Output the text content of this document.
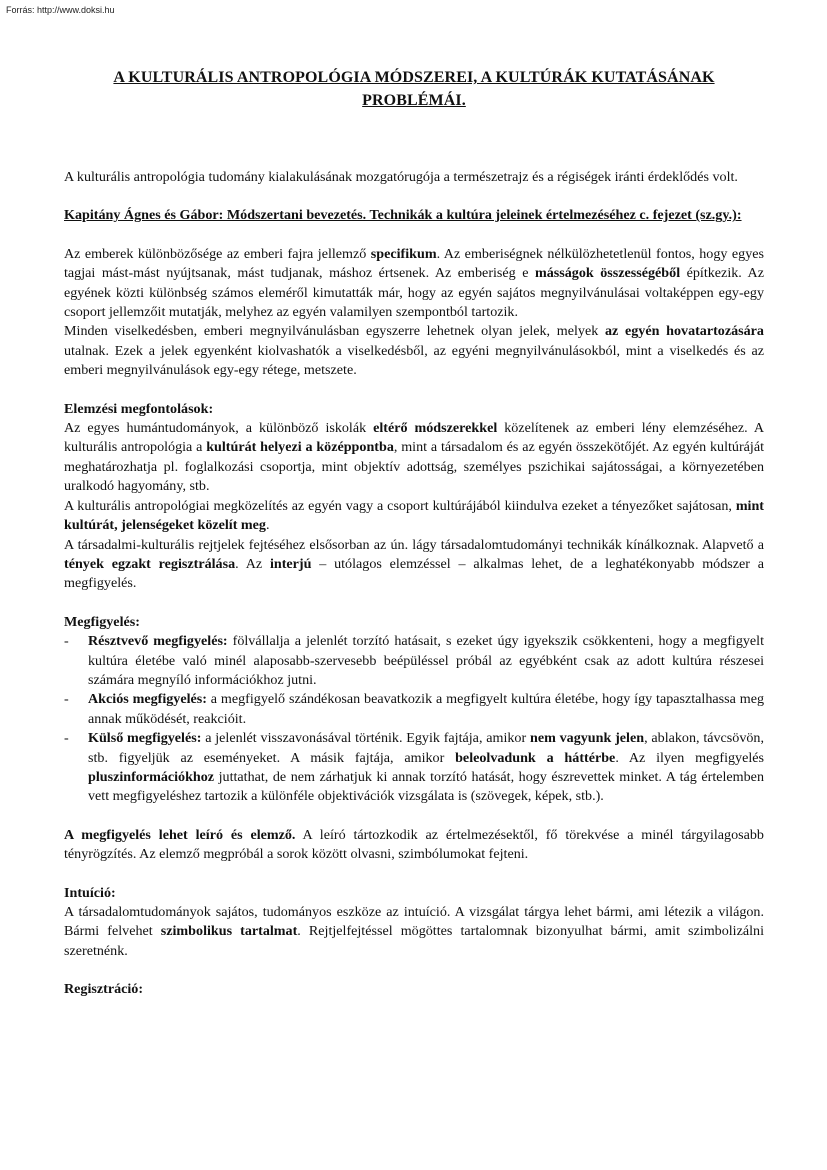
Forrás: http://www.doksi.hu
A KULTURÁLIS ANTROPOLÓGIA MÓDSZEREI, A KULTÚRÁK KUTATÁSÁNAK
PROBLÉMÁI.

A kulturális antropológia tudomány kialakulásának mozgatórugója a természetrajz és a régiségek iránti érdeklődés volt.

Kapitány Ágnes és Gábor: Módszertani bevezetés. Technikák a kultúra jeleinek értelmezéséhez c. fejezet (sz.gy.):

Az emberek különbözősége az emberi fajra jellemző specifikum. Az emberiségnek nélkülözhetetlenül fontos, hogy egyes tagjai mást-mást nyújtsanak, mást tudjanak, máshoz értsenek. Az emberiség e másságok összességéből építkezik. Az egyének közti különbség számos eleméről kimutatták már, hogy az egyén sajátos megnyilvánulásai voltaképpen egy-egy csoport jellemzőit mutatják, melyhez az egyén valamilyen szempontból tartozik.

Minden viselkedésben, emberi megnyilvánulásban egyszerre lehetnek olyan jelek, melyek az egyén hovatartozására utalnak. Ezek a jelek egyenként kiolvashatók a viselkedésből, az egyéni megnyilvánulásokból, mint a viselkedés és az emberi megnyilvánulások egy-egy rétege, metszete.

Elemzési megfontolások:

Az egyes humántudományok, a különböző iskolák eltérő módszerekkel közelítenek az emberi lény elemzéséhez. A kulturális antropológia a kultúrát helyezi a középpontba, mint a társadalom és az egyén összekötőjét. Az egyén kultúráját meghatározhatja pl. foglalkozási csoportja, mint objektív adottság, személyes pszichikai sajátosságai, a környezetében uralkodó hagyomány, stb.

A kulturális antropológiai megközelítés az egyén vagy a csoport kultúrájából kiindulva ezeket a tényezőket sajátosan, mint kultúrát, jelenségeket közelít meg.

A társadalmi-kulturális rejtjelek fejtéséhez elsősorban az ún. lágy társadalomtudományi technikák kínálkoznak. Alapvető a tények egzakt regisztrálása. Az interjú – utólagos elemzéssel – alkalmas lehet, de a leghatékonyabb módszer a megfigyelés.

Megfigyelés:

- Résztvevő megfigyelés: fölvállalja a jelenlét torzító hatásait, s ezeket úgy igyekszik csökkenteni, hogy a megfigyelt kultúra életébe való minél alaposabb-szervesebb beépüléssel próbál az egyébként csak az adott kultúra részesei számára megnyíló információkhoz jutni.
- Akciós megfigyelés: a megfigyelő szándékosan beavatkozik a megfigyelt kultúra életébe, hogy így tapasztalhassa meg annak működését, reakcióit.
- Külső megfigyelés: a jelenlét visszavonásával történik. Egyik fajtája, amikor nem vagyunk jelen, ablakon, távcsövön, stb. figyeljük az eseményeket. A másik fajtája, amikor beleolvadunk a háttérbe. Az ilyen megfigyelés pluszinformációkhoz juttathat, de nem zárhatjuk ki annak torzító hatását, hogy észrevettek minket. A tág értelemben vett megfigyeléshez tartozik a különféle objektivációk vizsgálata is (szövegek, képek, stb.).

A megfigyelés lehet leíró és elemző. A leíró tártozkodik az értelmezésektől, fő törekvése a minél tárgyilagosabb tényrögzítés. Az elemző megpróbál a sorok között olvasni, szimbólumokat fejteni.

Intuíció:

A társadalomtudományok sajátos, tudományos eszköze az intuíció. A vizsgálat tárgya lehet bármi, ami létezik a világon. Bármi felvehet szimbolikus tartalmat. Rejtjelfejtéssel mögöttes tartalomnak bizonyulhat bármi, amit szimbolizálni szeretnénk.

Regisztráció:
